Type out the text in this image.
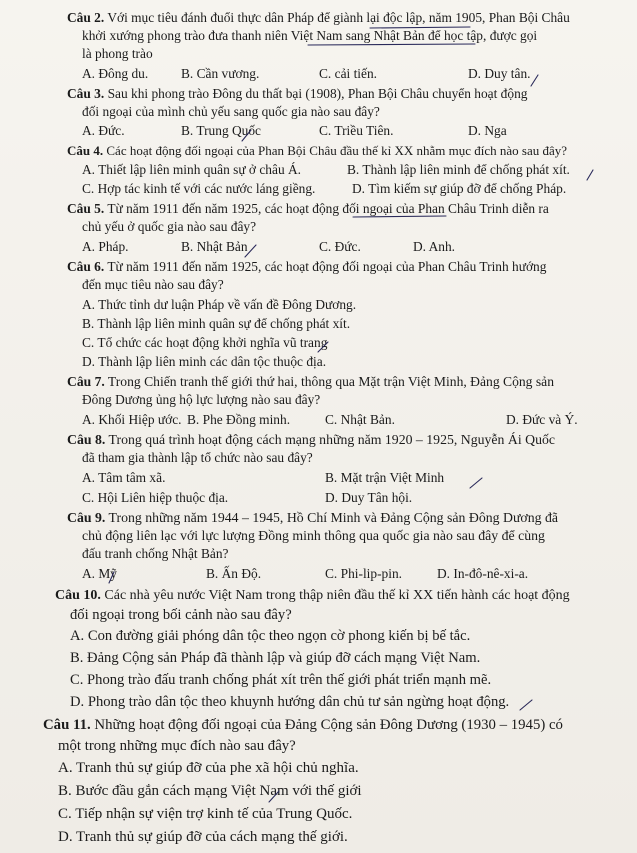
Câu 2. Với mục tiêu đánh đuổi thực dân Pháp để giành lại độc lập, năm 1905, Phan Bội Châu
khởi xướng phong trào đưa thanh niên Việt Nam sang Nhật Bản để học tập, được gọi
là phong trào
A. Đông du. B. Cần vương.	C. cải tiến.	D. Duy tân.
Câu 3. Sau khi phong trào Đông du thất bại (1908), Phan Bội Châu chuyển hoạt động
đối ngoại của mình chủ yếu sang quốc gia nào sau đây?
A. Đức.	B. Trung Quốc	C. Triều Tiên.	D. Nga
Câu 4. Các hoạt động đối ngoại của Phan Bội Châu đầu thế kỉ XX nhằm mục đích nào sau đây?
A. Thiết lập liên minh quân sự ở châu Á.	B. Thành lập liên minh để chống phát xít.
C. Hợp tác kinh tế với các nước láng giềng.	D. Tìm kiếm sự giúp đỡ để chống Pháp.
Câu 5. Từ năm 1911 đến năm 1925, các hoạt động đối ngoại của Phan Châu Trinh diễn ra
chủ yếu ở quốc gia nào sau đây?
A. Pháp.	B. Nhật Bản	C. Đức.	D. Anh.
Câu 6. Từ năm 1911 đến năm 1925, các hoạt động đối ngoại của Phan Châu Trinh hướng
đến mục tiêu nào sau đây?
A. Thức tỉnh dư luận Pháp về vấn đề Đông Dương.
B. Thành lập liên minh quân sự để chống phát xít.
C. Tổ chức các hoạt động khởi nghĩa vũ trang
D. Thành lập liên minh các dân tộc thuộc địa.
Câu 7. Trong Chiến tranh thế giới thứ hai, thông qua Mặt trận Việt Minh, Đảng Cộng sản
Đông Dương ủng hộ lực lượng nào sau đây?
A. Khối Hiệp ước. B. Phe Đồng minh.	C. Nhật Bản.	D. Đức và Ý.
Câu 8. Trong quá trình hoạt động cách mạng những năm 1920 – 1925, Nguyễn Ái Quốc
đã tham gia thành lập tổ chức nào sau đây?
A. Tâm tâm xã.	B. Mặt trận Việt Minh
C. Hội Liên hiệp thuộc địa.	D. Duy Tân hội.
Câu 9. Trong những năm 1944 – 1945, Hồ Chí Minh và Đảng Cộng sản Đông Dương đã
chủ động liên lạc với lực lượng Đồng minh thông qua quốc gia nào sau đây để cùng
đấu tranh chống Nhật Bản?
A. Mỹ	B. Ấn Độ.	C. Phi-lip-pin.	D. In-đô-nê-xi-a.
Câu 10. Các nhà yêu nước Việt Nam trong thập niên đầu thế kỉ XX tiến hành các hoạt động
đối ngoại trong bối cảnh nào sau đây?
A. Con đường giải phóng dân tộc theo ngọn cờ phong kiến bị bế tắc.
B. Đảng Cộng sản Pháp đã thành lập và giúp đỡ cách mạng Việt Nam.
C. Phong trào đấu tranh chống phát xít trên thế giới phát triển mạnh mẽ.
D. Phong trào dân tộc theo khuynh hướng dân chủ tư sản ngừng hoạt động.
Câu 11. Những hoạt động đối ngoại của Đảng Cộng sản Đông Dương (1930 – 1945) có
một trong những mục đích nào sau đây?
A. Tranh thủ sự giúp đỡ của phe xã hội chủ nghĩa.
B. Bước đầu gắn cách mạng Việt Nam với thế giới
C. Tiếp nhận sự viện trợ kinh tế của Trung Quốc.
D. Tranh thủ sự giúp đỡ của cách mạng thế giới.
